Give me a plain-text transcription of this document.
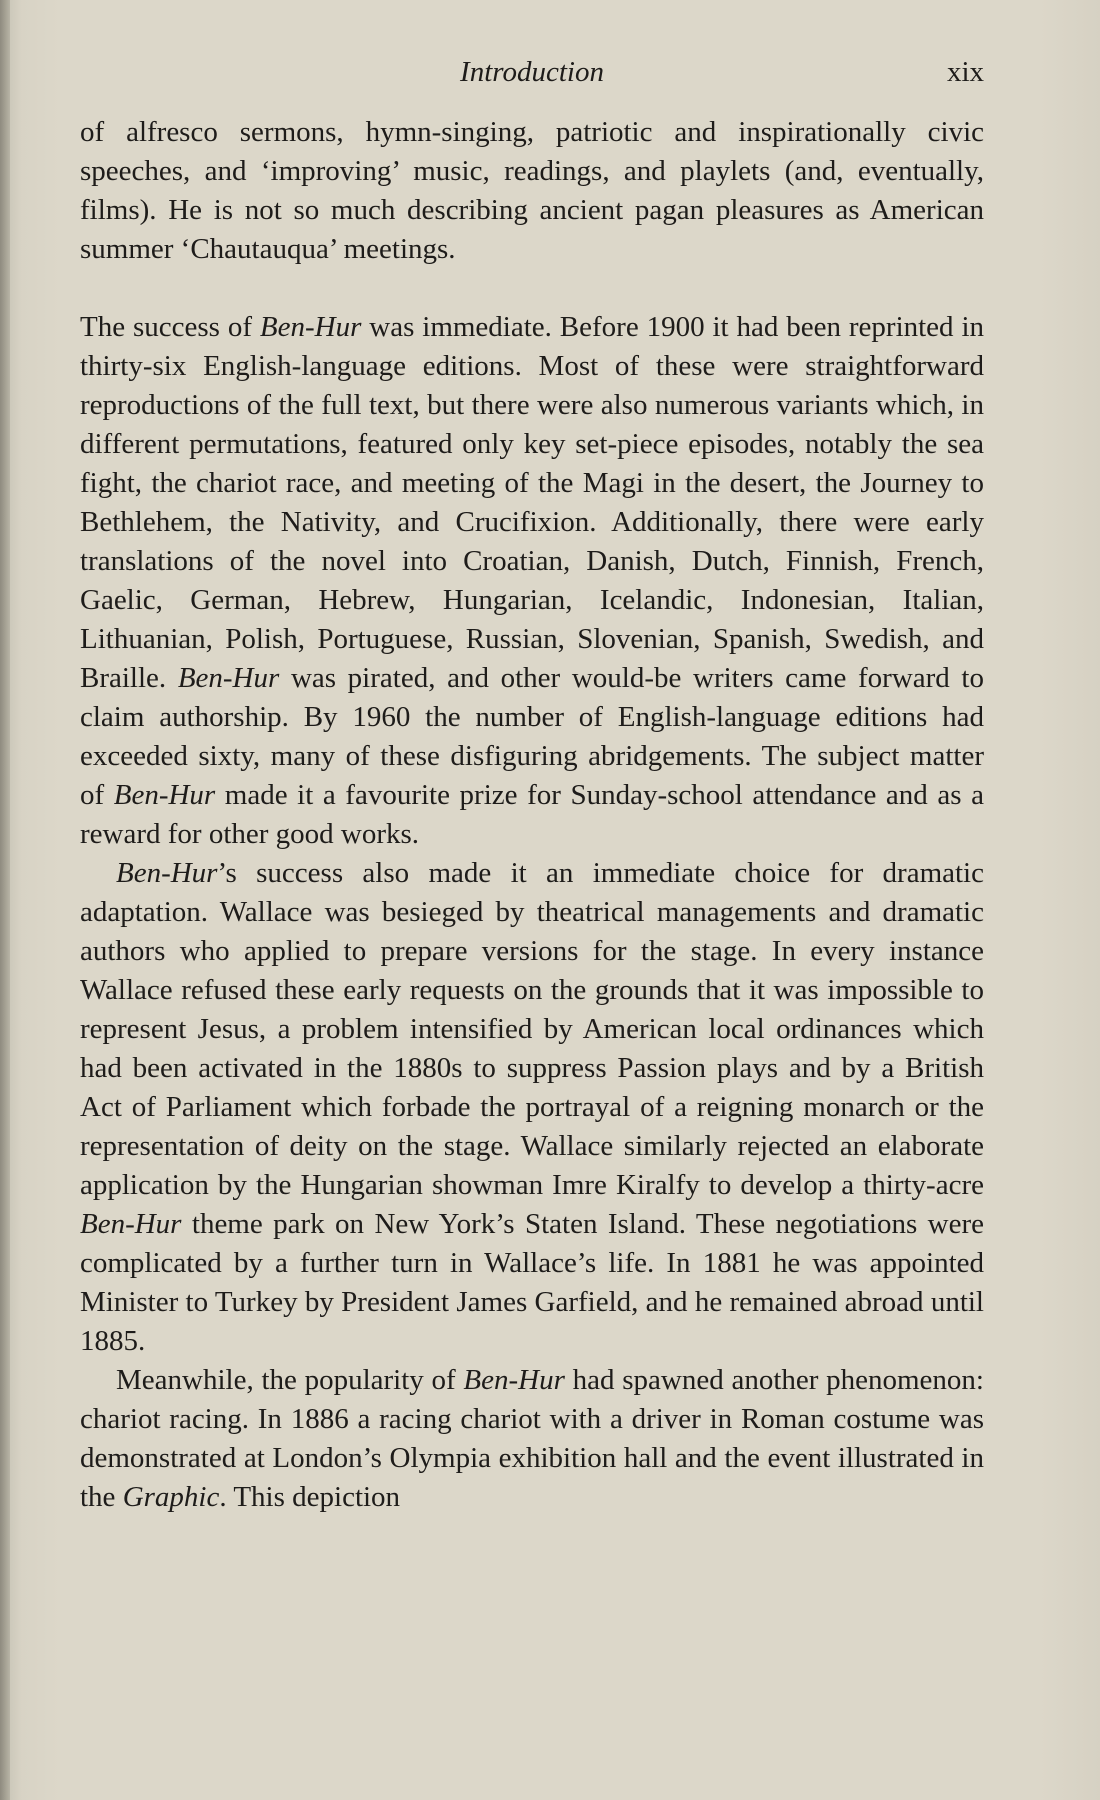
Introduction	xix

of alfresco sermons, hymn-singing, patriotic and inspirationally civic speeches, and ‘improving’ music, readings, and playlets (and, eventually, films). He is not so much describing ancient pagan pleasures as American summer ‘Chautauqua’ meetings.

The success of Ben-Hur was immediate. Before 1900 it had been reprinted in thirty-six English-language editions. Most of these were straightforward reproductions of the full text, but there were also numerous variants which, in different permutations, featured only key set-piece episodes, notably the sea fight, the chariot race, and meeting of the Magi in the desert, the Journey to Bethlehem, the Nativity, and Crucifixion. Additionally, there were early translations of the novel into Croatian, Danish, Dutch, Finnish, French, Gaelic, German, Hebrew, Hungarian, Icelandic, Indonesian, Italian, Lithuanian, Polish, Portuguese, Russian, Slovenian, Spanish, Swedish, and Braille. Ben-Hur was pirated, and other would-be writers came forward to claim authorship. By 1960 the number of English-language editions had exceeded sixty, many of these disfiguring abridgements. The subject matter of Ben-Hur made it a favourite prize for Sunday-school attendance and as a reward for other good works.

Ben-Hur’s success also made it an immediate choice for dramatic adaptation. Wallace was besieged by theatrical managements and dramatic authors who applied to prepare versions for the stage. In every instance Wallace refused these early requests on the grounds that it was impossible to represent Jesus, a problem intensified by American local ordinances which had been activated in the 1880s to suppress Passion plays and by a British Act of Parliament which forbade the portrayal of a reigning monarch or the representation of deity on the stage. Wallace similarly rejected an elaborate application by the Hungarian showman Imre Kiralfy to develop a thirty-acre Ben-Hur theme park on New York’s Staten Island. These negotiations were complicated by a further turn in Wallace’s life. In 1881 he was appointed Minister to Turkey by President James Garfield, and he remained abroad until 1885.

Meanwhile, the popularity of Ben-Hur had spawned another phenomenon: chariot racing. In 1886 a racing chariot with a driver in Roman costume was demonstrated at London’s Olympia exhibition hall and the event illustrated in the Graphic. This depiction
